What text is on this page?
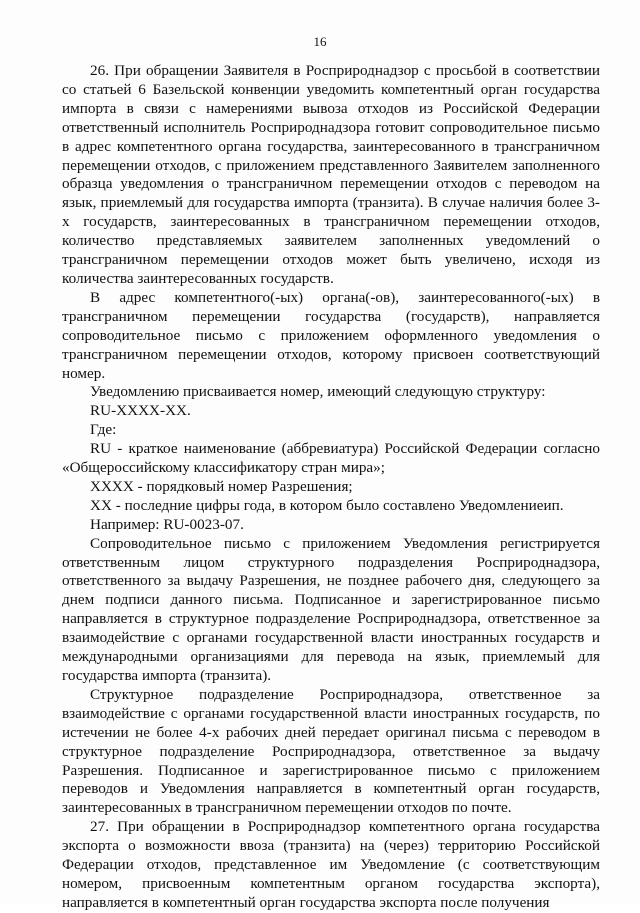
16

26. При обращении Заявителя в Росприроднадзор с просьбой в соответствии со статьей 6 Базельской конвенции уведомить компетентный орган государства импорта в связи с намерениями вывоза отходов из Российской Федерации ответственный исполнитель Росприроднадзора готовит сопроводительное письмо в адрес компетентного органа государства, заинтересованного в трансграничном перемещении отходов, с приложением представленного Заявителем заполненного образца уведомления о трансграничном перемещении отходов с переводом на язык, приемлемый для государства импорта (транзита). В случае наличия более 3-х государств, заинтересованных в трансграничном перемещении отходов, количество представляемых заявителем заполненных уведомлений о трансграничном перемещении отходов может быть увеличено, исходя из количества заинтересованных государств.

В адрес компетентного(-ых) органа(-ов), заинтересованного(-ых) в трансграничном перемещении государства (государств), направляется сопроводительное письмо с приложением оформленного уведомления о трансграничном перемещении отходов, которому присвоен соответствующий номер.

Уведомлению присваивается номер, имеющий следующую структуру:

RU-XXXX-XX.

Где:

RU - краткое наименование (аббревиатура) Российской Федерации согласно «Общероссийскому классификатору стран мира»;

XXXX - порядковый номер Разрешения;

XX - последние цифры года, в котором было составлено Уведомлениеип.

Например: RU-0023-07.

Сопроводительное письмо с приложением Уведомления регистрируется ответственным лицом структурного подразделения Росприроднадзора, ответственного за выдачу Разрешения, не позднее рабочего дня, следующего за днем подписи данного письма. Подписанное и зарегистрированное письмо направляется в структурное подразделение Росприроднадзора, ответственное за взаимодействие с органами государственной власти иностранных государств и международными организациями для перевода на язык, приемлемый для государства импорта (транзита).

Структурное подразделение Росприроднадзора, ответственное за взаимодействие с органами государственной власти иностранных государств, по истечении не более 4-х рабочих дней передает оригинал письма с переводом в структурное подразделение Росприроднадзора, ответственное за выдачу Разрешения. Подписанное и зарегистрированное письмо с приложением переводов и Уведомления направляется в компетентный орган государств, заинтересованных в трансграничном перемещении отходов по почте.

27. При обращении в Росприроднадзор компетентного органа государства экспорта о возможности ввоза (транзита) на (через) территорию Российской Федерации отходов, представленное им Уведомление (с соответствующим номером, присвоенным компетентным органом государства экспорта), направляется в компетентный орган государства экспорта после получения
